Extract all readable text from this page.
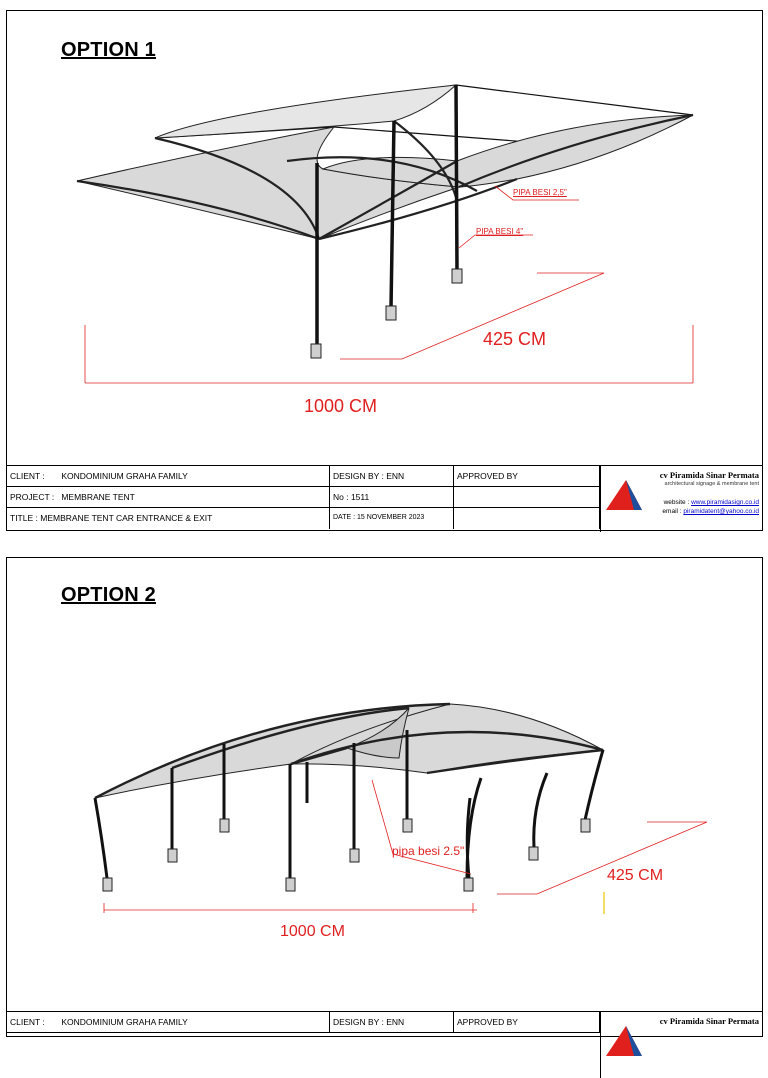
OPTION 1
PIPA BESI 2,5"
PIPA BESI 4"
425 CM
1000 CM
CLIENT : KONDOMINIUM GRAHA FAMILY	DESIGN BY : ENN	APPROVED BY
PROJECT : MEMBRANE TENT	No : 1511
TITLE : MEMBRANE TENT CAR ENTRANCE & EXIT	DATE : 15 NOVEMBER 2023
cv Piramida Sinar Permata
architectural signage & membrane tent
website : www.piramidasign.co.id
email : piramidatent@yahoo.co.id
OPTION 2
pipa besi 2.5"
425 CM
1000 CM
CLIENT : KONDOMINIUM GRAHA FAMILY	DESIGN BY : ENN	APPROVED BY	cv Piramida Sinar Permata
